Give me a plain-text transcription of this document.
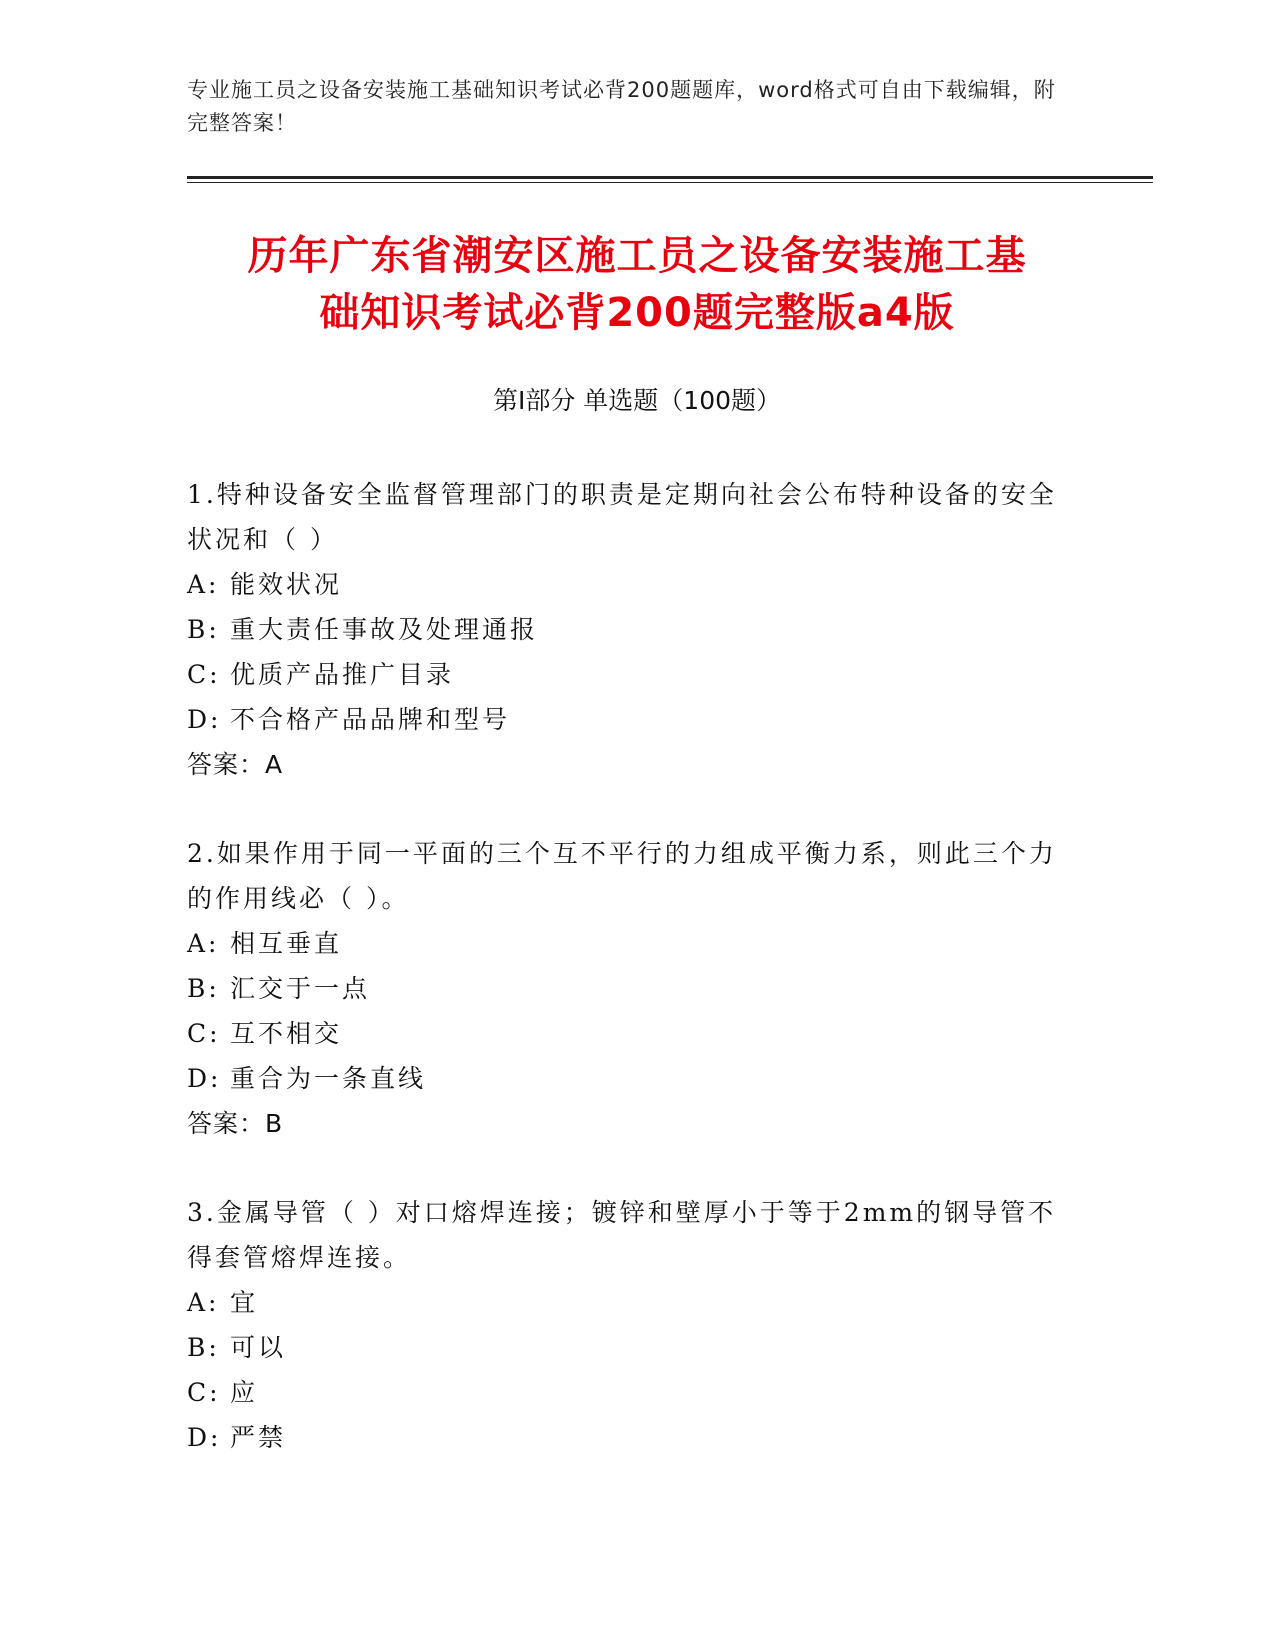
专业施工员之设备安装施工基础知识考试必背200题题库，word格式可自由下载编辑，附完整答案！
历年广东省潮安区施工员之设备安装施工基
础知识考试必背200题完整版a4版
第Ⅰ部分 单选题（100题）
1.特种设备安全监督管理部门的职责是定期向社会公布特种设备的安全状况和（ ）
A: 能效状况
B: 重大责任事故及处理通报
C: 优质产品推广目录
D: 不合格产品品牌和型号
答案：A
2.如果作用于同一平面的三个互不平行的力组成平衡力系，则此三个力的作用线必（ ）。
A: 相互垂直
B: 汇交于一点
C: 互不相交
D: 重合为一条直线
答案：B
3.金属导管（ ）对口熔焊连接；镀锌和壁厚小于等于2mm的钢导管不得套管熔焊连接。
A: 宜
B: 可以
C: 应
D: 严禁
